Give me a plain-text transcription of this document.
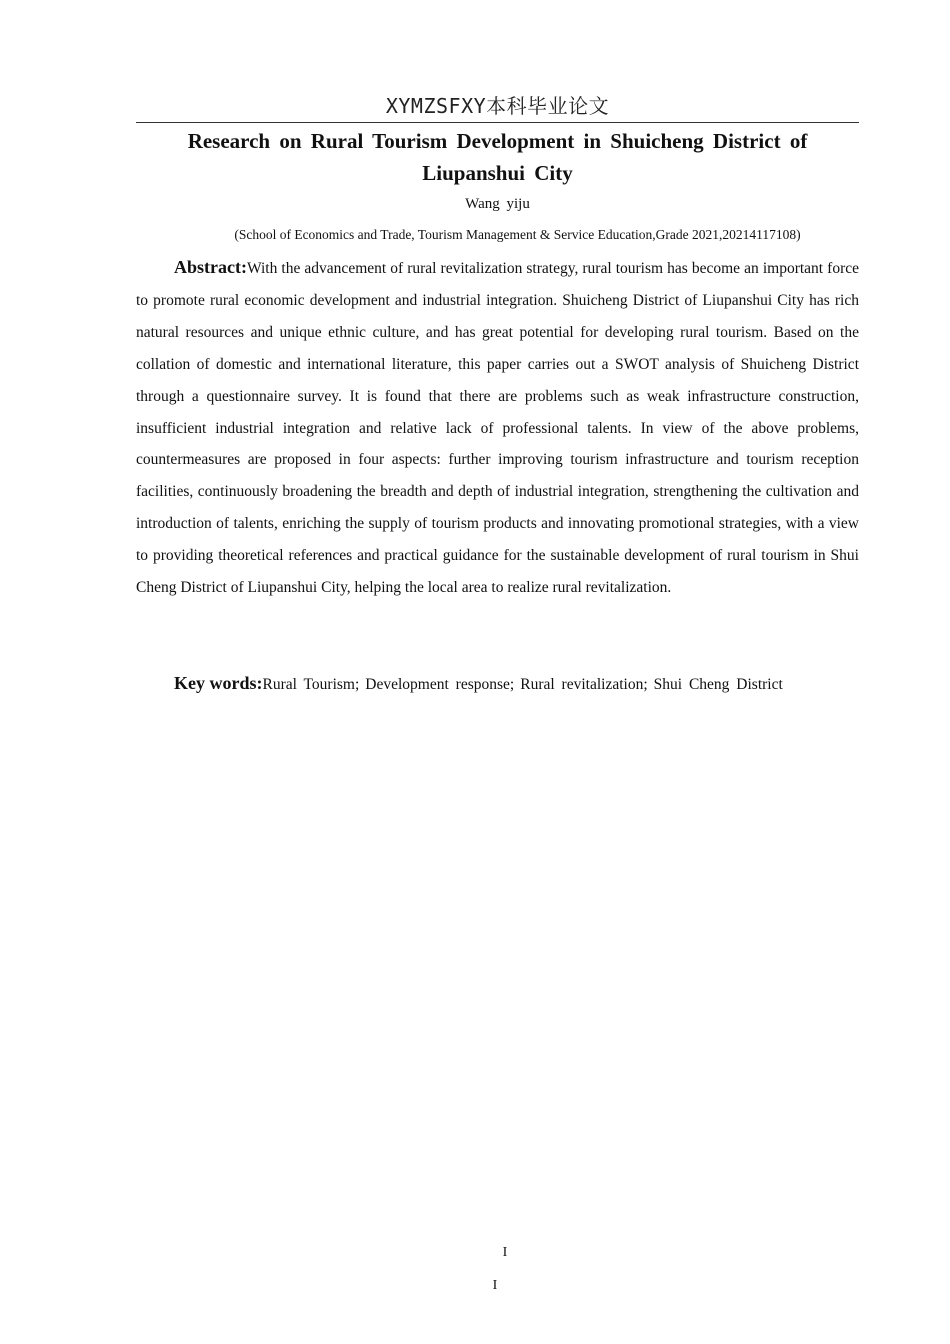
XYMZSFXY本科毕业论文
Research on Rural Tourism Development in Shuicheng District of
Liupanshui City
Wang yiju
(School of Economics and Trade, Tourism Management & Service Education,Grade 2021,20214117108)

Abstract:With the advancement of rural revitalization strategy, rural tourism has become an important force to promote rural economic development and industrial integration. Shuicheng District of Liupanshui City has rich natural resources and unique ethnic culture, and has great potential for developing rural tourism. Based on the collation of domestic and international literature, this paper carries out a SWOT analysis of Shuicheng District through a questionnaire survey. It is found that there are problems such as weak infrastructure construction, insufficient industrial integration and relative lack of professional talents. In view of the above problems, countermeasures are proposed in four aspects: further improving tourism infrastructure and tourism reception facilities, continuously broadening the breadth and depth of industrial integration, strengthening the cultivation and introduction of talents, enriching the supply of tourism products and innovating promotional strategies, with a view to providing theoretical references and practical guidance for the sustainable development of rural tourism in Shui Cheng District of Liupanshui City, helping the local area to realize rural revitalization.

Key words:Rural Tourism; Development response; Rural revitalization; Shui Cheng District

I
I
